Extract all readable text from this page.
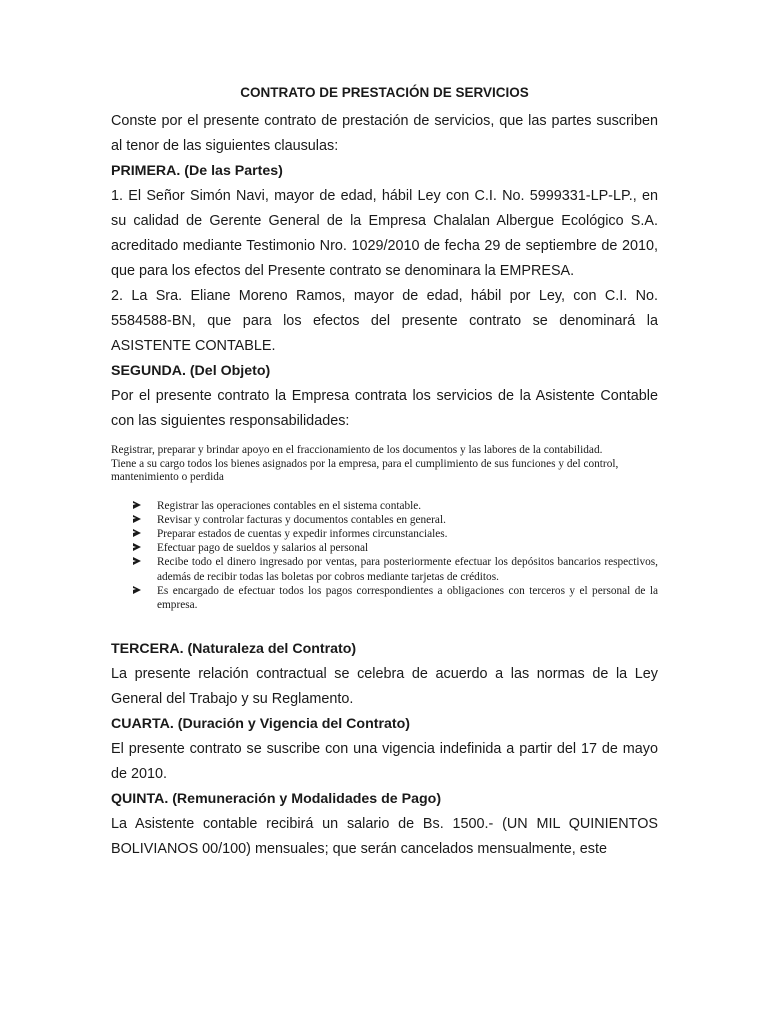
CONTRATO DE PRESTACIÓN DE SERVICIOS

Conste por el presente contrato de prestación de servicios, que las partes suscriben al tenor de las siguientes clausulas:

PRIMERA. (De las Partes)

1. El Señor Simón Navi, mayor de edad, hábil Ley con C.I. No. 5999331-LP-LP., en su calidad de Gerente General de la Empresa Chalalan Albergue Ecológico S.A. acreditado mediante Testimonio Nro. 1029/2010 de fecha 29 de septiembre de 2010, que para los efectos del Presente contrato se denominara la EMPRESA.

2. La Sra. Eliane Moreno Ramos, mayor de edad, hábil por Ley, con C.I. No. 5584588-BN, que para los efectos del presente contrato se denominará la ASISTENTE CONTABLE.

SEGUNDA. (Del Objeto)

Por el presente contrato la Empresa contrata los servicios de la Asistente Contable con las siguientes responsabilidades:

Registrar, preparar y brindar apoyo en el fraccionamiento de los documentos y las labores de la contabilidad.

Tiene a su cargo todos los bienes asignados por la empresa, para el cumplimiento de sus funciones y del control, mantenimiento o perdida

Registrar las operaciones contables en el sistema contable.
Revisar y controlar facturas y documentos contables en general.
Preparar estados de cuentas y expedir informes circunstanciales.
Efectuar pago de sueldos y salarios al personal
Recibe todo el dinero ingresado por ventas, para posteriormente efectuar los depósitos bancarios respectivos, además de recibir todas las boletas por cobros mediante tarjetas de créditos.
Es encargado de efectuar todos los pagos correspondientes a obligaciones con terceros y el personal de la empresa.
TERCERA. (Naturaleza del Contrato)

La presente relación contractual se celebra de acuerdo a las normas de la Ley General del Trabajo y su Reglamento.

CUARTA. (Duración y Vigencia del Contrato)

El presente contrato se suscribe con una vigencia indefinida a partir del 17 de mayo de 2010.

QUINTA. (Remuneración y Modalidades de Pago)

La Asistente contable recibirá un salario de Bs. 1500.- (UN MIL QUINIENTOS BOLIVIANOS 00/100) mensuales; que serán cancelados mensualmente, este
